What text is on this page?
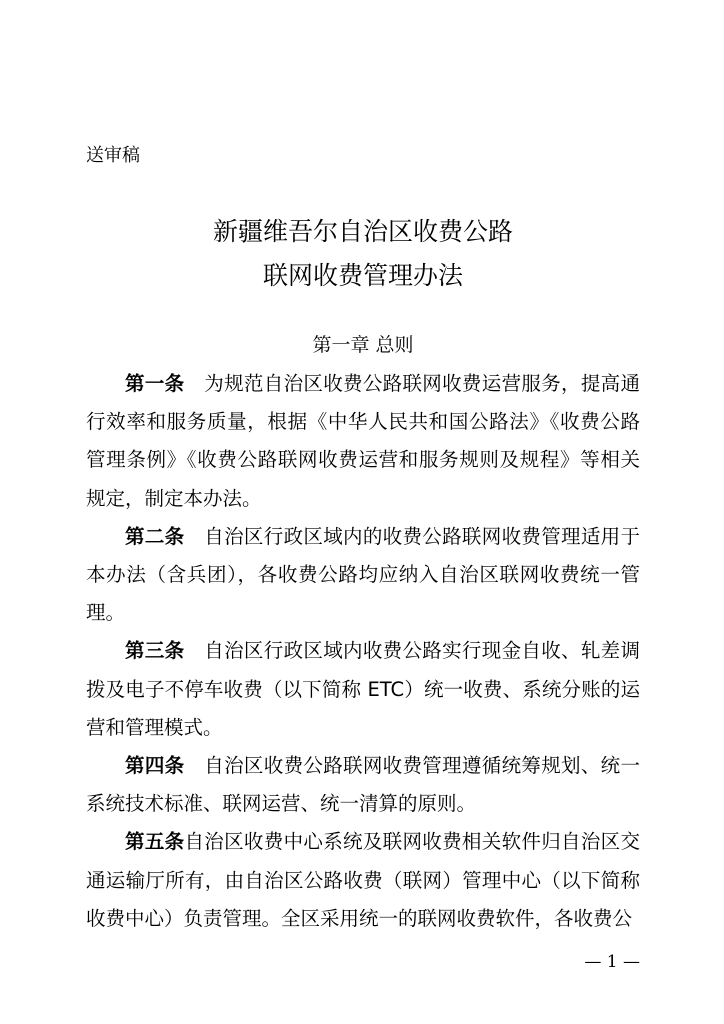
送审稿
新疆维吾尔自治区收费公路
联网收费管理办法
第一章 总则

第一条 为规范自治区收费公路联网收费运营服务，提高通行效率和服务质量，根据《中华人民共和国公路法》《收费公路管理条例》《收费公路联网收费运营和服务规则及规程》等相关规定，制定本办法。

第二条 自治区行政区域内的收费公路联网收费管理适用于本办法（含兵团），各收费公路均应纳入自治区联网收费统一管理。

第三条 自治区行政区域内收费公路实行现金自收、轧差调拨及电子不停车收费（以下简称 ETC）统一收费、系统分账的运营和管理模式。

第四条 自治区收费公路联网收费管理遵循统筹规划、统一系统技术标准、联网运营、统一清算的原则。

第五条自治区收费中心系统及联网收费相关软件归自治区交通运输厅所有，由自治区公路收费（联网）管理中心（以下简称收费中心）负责管理。全区采用统一的联网收费软件，各收费公

— 1 —
